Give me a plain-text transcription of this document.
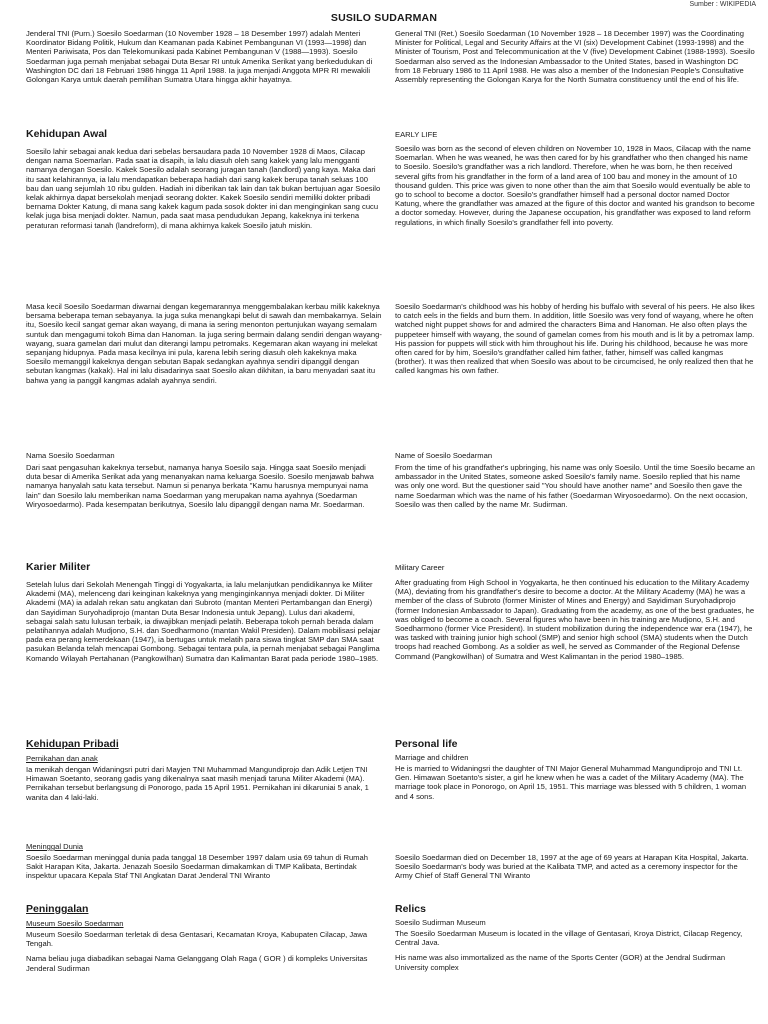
Sumber : WIKIPEDIA
SUSILO SUDARMAN

Jenderal TNI (Purn.) Soesilo Soedarman (10 November 1928 – 18 Desember 1997) adalah Menteri Koordinator Bidang Politik, Hukum dan Keamanan pada Kabinet Pembangunan VI (1993—1998) dan Menteri Pariwisata, Pos dan Telekomunikasi pada Kabinet Pembangunan V (1988—1993). Soesilo Soedarman juga pernah menjabat sebagai Duta Besar RI untuk Amerika Serikat yang berkedudukan di Washington DC dari 18 Februari 1986 hingga 11 April 1988. Ia juga menjadi Anggota MPR RI mewakili Golongan Karya untuk daerah pemilihan Sumatra Utara hingga akhir hayatnya.

General TNI (Ret.) Soesilo Soedarman (10 November 1928 – 18 December 1997) was the Coordinating Minister for Political, Legal and Security Affairs at the VI (six) Development Cabinet (1993-1998) and the Minister of Tourism, Post and Telecommunication at the V (five) Development Cabinet (1988-1993). Soesilo Soedarman also served as the Indonesian Ambassador to the United States, based in Washington DC from 18 February 1986 to 11 April 1988. He was also a member of the Indonesian People's Consultative Assembly representing the Golongan Karya for the North Sumatra constituency until the end of his life.

Kehidupan Awal

Soesilo lahir sebagai anak kedua dari sebelas bersaudara pada 10 November 1928 di Maos, Cilacap dengan nama Soemarlan. Pada saat ia disapih, ia lalu diasuh oleh sang kakek yang lalu mengganti namanya dengan Soesilo. Kakek Soesilo adalah seorang juragan tanah (landlord) yang kaya. Maka dari itu saat kelahirannya, ia lalu mendapatkan beberapa hadiah dari sang kakek berupa tanah seluas 100 bau dan uang sejumlah 10 ribu gulden. Hadiah ini diberikan tak lain dan tak bukan bertujuan agar Soesilo kelak akhirnya dapat bersekolah menjadi seorang dokter. Kakek Soesilo sendiri memiliki dokter pribadi bernama Dokter Katung, di mana sang kakek kagum pada sosok dokter ini dan menginginkan sang cucu kelak juga bisa menjadi dokter. Namun, pada saat masa pendudukan Jepang, kakeknya ini terkena peraturan reformasi tanah (landreform), di mana akhirnya kakek Soesilo jatuh miskin.

EARLY LIFE

Soesilo was born as the second of eleven children on November 10, 1928 in Maos, Cilacap with the name Soemarlan. When he was weaned, he was then cared for by his grandfather who then changed his name to Soesilo. Soesilo's grandfather was a rich landlord. Therefore, when he was born, he then received several gifts from his grandfather in the form of a land area of 100 bau and money in the amount of 10 thousand gulden. This price was given to none other than the aim that Soesilo would eventually be able to go to school to become a doctor. Soesilo's grandfather himself had a personal doctor named Doctor Katung, where the grandfather was amazed at the figure of this doctor and wanted his grandson to become a doctor someday. However, during the Japanese occupation, his grandfather was exposed to land reform regulations, in which finally Soesilo's grandfather fell into poverty.

Masa kecil Soesilo Soedarman diwarnai dengan kegemarannya menggembalakan kerbau milik kakeknya bersama beberapa teman sebayanya. Ia juga suka menangkapi belut di sawah dan membakarnya. Selain itu, Soesilo kecil sangat gemar akan wayang, di mana ia sering menonton pertunjukan wayang semalam suntuk dan mengagumi tokoh Bima dan Hanoman. Ia juga sering bermain dalang sendiri dengan wayang-wayang, suara gamelan dari mulut dan diterangi lampu petromaks. Kegemaran akan wayang ini melekat sepanjang hidupnya. Pada masa kecilnya ini pula, karena lebih sering diasuh oleh kakeknya maka Soesilo memanggil kakeknya dengan sebutan Bapak sedangkan ayahnya sendiri dipanggil dengan sebutan kangmas (kakak). Hal ini lalu disadarinya saat Soesilo akan dikhitan, ia baru menyadari saat itu bahwa yang ia panggil kangmas adalah ayahnya sendiri.

Soesilo Soedarman's childhood was his hobby of herding his buffalo with several of his peers. He also likes to catch eels in the fields and burn them. In addition, little Soesilo was very fond of wayang, where he often watched night puppet shows for and admired the characters Bima and Hanoman. He also often plays the puppeteer himself with wayang, the sound of gamelan comes from his mouth and is lit by a petromax lamp. His passion for puppets will stick with him throughout his life. During his childhood, because he was more often cared for by him, Soesilo's grandfather called him father, father, himself was called kangmas (brother). It was then realized that when Soesilo was about to be circumcised, he only realized then that he called kangmas his own father.

Nama Soesilo Soedarman

Dari saat pengasuhan kakeknya tersebut, namanya hanya Soesilo saja. Hingga saat Soesilo menjadi duta besar di Amerika Serikat ada yang menanyakan nama keluarga Soesilo. Soesilo menjawab bahwa namanya hanyalah satu kata tersebut. Namun si penanya berkata "Kamu harusnya mempunyai nama lain" dan Soesilo lalu memberikan nama Soedarman yang merupakan nama ayahnya (Soedarman Wiryosoedarmo). Pada kesempatan berikutnya, Soesilo lalu dipanggil dengan nama Mr. Soedarman.

Name of Soesilo Soedarman

From the time of his grandfather's upbringing, his name was only Soesilo. Until the time Soesilo became an ambassador in the United States, someone asked Soesilo's family name. Soesilo replied that his name was only one word. But the questioner said "You should have another name" and Soesilo then gave the name Soedarman which was the name of his father (Soedarman Wiryosoedarmo). On the next occasion, Soesilo was then called by the name Mr. Sudirman.

Karier Militer

Setelah lulus dari Sekolah Menengah Tinggi di Yogyakarta, ia lalu melanjutkan pendidikannya ke Militer Akademi (MA), melenceng dari keinginan kakeknya yang menginginkannya menjadi dokter. Di Militer Akademi (MA) ia adalah rekan satu angkatan dari Subroto (mantan Menteri Pertambangan dan Energi) dan Sayidiman Suryohadiprojo (mantan Duta Besar Indonesia untuk Jepang). Lulus dari akademi, sebagai salah satu lulusan terbaik, ia diwajibkan menjadi pelatih. Beberapa tokoh pernah berada dalam pelatihannya adalah Mudjono, S.H. dan Soedharmono (mantan Wakil Presiden). Dalam mobilisasi pelajar pada era perang kemerdekaan (1947), ia bertugas untuk melatih para siswa tingkat SMP dan SMA saat pasukan Belanda telah mencapai Gombong. Sebagai tentara pula, ia pernah menjabat sebagai Panglima Komando Wilayah Pertahanan (Pangkowilhan) Sumatra dan Kalimantan Barat pada periode 1980–1985.

Military Career

After graduating from High School in Yogyakarta, he then continued his education to the Military Academy (MA), deviating from his grandfather's desire to become a doctor. At the Military Academy (MA) he was a member of the class of Subroto (former Minister of Mines and Energy) and Sayidiman Suryohadiprojo (former Indonesian Ambassador to Japan). Graduating from the academy, as one of the best graduates, he was obliged to become a coach. Several figures who have been in his training are Mudjono, S.H. and Soedharmono (former Vice President). In student mobilization during the independence war era (1947), he was tasked with training junior high school (SMP) and senior high school (SMA) students when the Dutch troops had reached Gombong. As a soldier as well, he served as Commander of the Regional Defense Command (Pangkowilhan) of Sumatra and West Kalimantan in the period 1980–1985.

Kehidupan Pribadi
Pernikahan dan anak

Ia menikah dengan Widaningsri putri dari Mayjen TNI Muhammad Mangundiprojo dan Adik Letjen TNI Himawan Soetanto, seorang gadis yang dikenalnya saat masih menjadi taruna Militer Akademi (MA). Pernikahan tersebut berlangsung di Ponorogo, pada 15 April 1951. Pernikahan ini dikaruniai 5 anak, 1 wanita dan 4 laki-laki.

Personal life
Marriage and children

He is married to Widaningsri the daughter of TNI Major General Muhammad Mangundiprojo and TNI Lt. Gen. Himawan Soetanto's sister, a girl he knew when he was a cadet of the Military Academy (MA). The marriage took place in Ponorogo, on April 15, 1951. This marriage was blessed with 5 children, 1 woman and 4 sons.

Meninggal Dunia

Soesilo Soedarman meninggal dunia pada tanggal 18 Desember 1997 dalam usia 69 tahun di Rumah Sakit Harapan Kita, Jakarta. Jenazah Soesilo Soedarman dimakamkan di TMP Kalibata, Bertindak inspektur upacara Kepala Staf TNI Angkatan Darat Jenderal TNI Wiranto

Soesilo Soedarman died on December 18, 1997 at the age of 69 years at Harapan Kita Hospital, Jakarta. Soesilo Soedarman's body was buried at the Kalibata TMP, and acted as a ceremony inspector for the Army Chief of Staff General TNI Wiranto

Peninggalan
Museum Soesilo Soedarman

Museum Soesilo Soedarman terletak di desa Gentasari, Kecamatan Kroya, Kabupaten Cilacap, Jawa Tengah.

Nama beliau juga diabadikan sebagai Nama Gelanggang Olah Raga ( GOR ) di kompleks Universitas Jenderal Sudirman

Relics
Soesilo Sudirman Museum

The Soesilo Soedarman Museum is located in the village of Gentasari, Kroya District, Cilacap Regency, Central Java.

His name was also immortalized as the name of the Sports Center (GOR) at the Jendral Sudirman University complex
